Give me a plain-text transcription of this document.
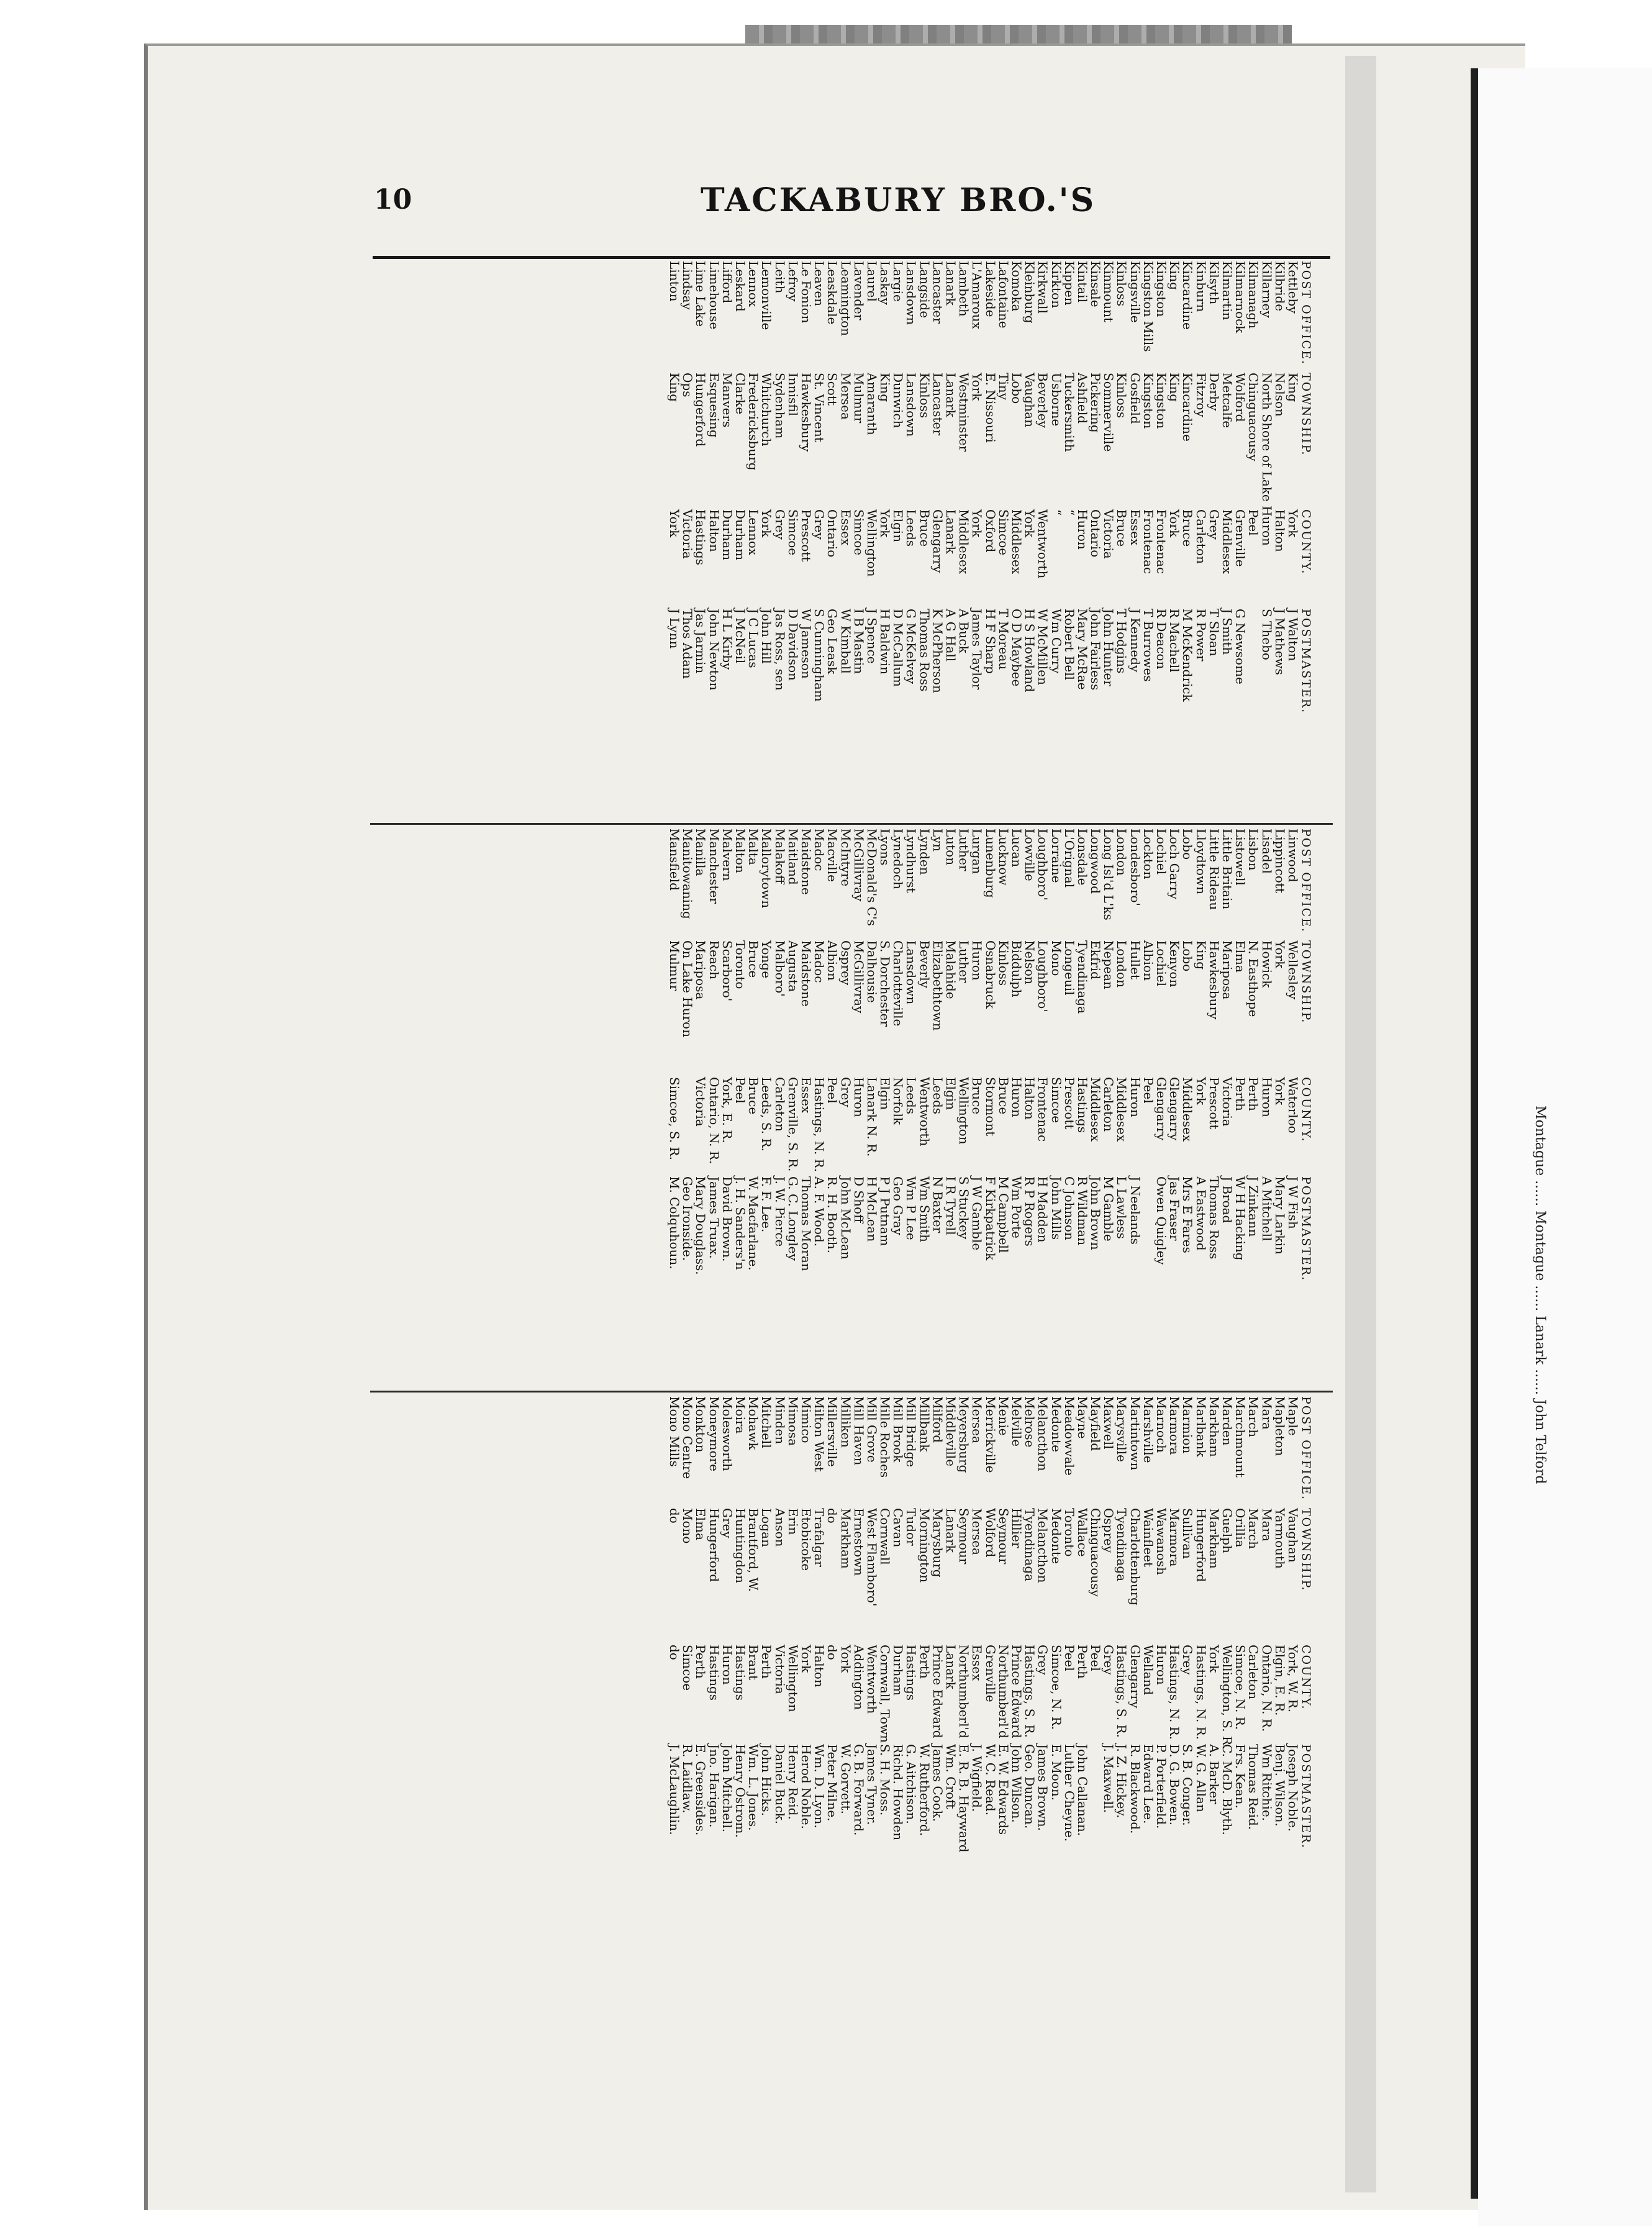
10	TACKABURY BRO.'S
POST OFFICE.
TOWNSHIP.
COUNTY.
POSTMASTER.
Kettleby
King
York
J Walton
Kilbride
Nelson
Halton
J Mathews
Killarney
North Shore of Lake Huron
S Thebo
Kilmanagh
Chinguacousy
Peel
Kilmarnock
Wolford
Grenville
G Newsome
Kilmartin
Metcalfe
Middlesex
J Smith
Kilsyth
Derby
Grey
T Sloan
Kinburn
Fitzroy
Carleton
R Power
Kincardine
Kincardine
Bruce
M McKendrick
King
King
York
R Machell
Kingston
Kingston
Frontenac
R Deacon
Kingston Mills
Kingston
Frontenac
T Burrowes
Kingsville
Gosfield
Essex
J Kennedy
Kinloss
Kinloss
Bruce
T Hodgins
Kinmount
Sommerville
Victoria
John Hunter
Kinsale
Pickering
Ontario
John Fairless
Kintail
Ashfield
Huron
Mary McRae
Kippen
Tuckersmith
“
Robert Bell
Kirkton
Usborne
“
Wm Curry
Kirkwall
Beverley
Wentworth
W McMillen
Kleinburg
Vaughan
York
H S Howland
Komoka
Lobo
Middlesex
O D Maybee
Lafontaine
Tiny
Simcoe
T Moreau
Lakeside
E. Nissouri
Oxford
H F Sharp
L'Amaroux
York
York
James Taylor
Lambeth
Westminster
Middlesex
A Buck
Lanark
Lanark
Lanark
A G Hall
Lancaster
Lancaster
Glengarry
K McPherson
Langside
Kinloss
Bruce
Thomas Ross
Lansdown
Lansdown
Leeds
G McKelvey
Largie
Dunwich
Elgin
D McCallum
Laskay
King
York
H Baldwin
Laurel
Amaranth
Wellington
J Spence
Lavender
Mulmur
Simcoe
I B Mastin
Leamington
Mersea
Essex
W Kimball
Leaskdale
Scott
Ontario
Geo Leask
Leaven
St. Vincent
Grey
S Cunningham
Le Fonion
Hawkesbury
Prescott
W Jameson
Lefroy
Innisfil
Simcoe
D Davidson
Leith
Sydenham
Grey
Jas Ross, sen
Lemonville
Whitchurch
York
John Hill
Lennox
Fredericksburg
Lennox
J C Lucas
Leskard
Clarke
Durham
J McNeil
Lifford
Manvers
Durham
H L Kirby
Limehouse
Esquesing
Halton
John Newton
Lime Lake
Hungerford
Hastings
Jas Jarmin
Lindsay
Ops
Victoria
Thos Adam
Linton
King
York
J Lynn
POST OFFICE.
TOWNSHIP.
COUNTY.
POSTMASTER.
Linwood
Wellesley
Waterloo
J W Fish
Lippincott
York
York
Mary Larkin
Lisadel
Howick
Huron
A Mitchell
Lisbon
N. Easthope
Perth
J Zinkann
Listowell
Elma
Perth
W H Hacking
Little Britain
Mariposa
Victoria
J Broad
Little Rideau
Hawkesbury
Prescott
Thomas Ross
Lloydtown
King
York
A Eastwood
Lobo
Lobo
Middlesex
Mrs E Fares
Loch Garry
Kenyon
Glengarry
Jas Fraser
Lochiel
Lochiel
Glengarry
Owen Quigley
Lockton
Albion
Peel
Londesboro'
Hullet
Huron
J Neelands
London
London
Middlesex
L Lawless
Long Isl'd L'ks
Nepean
Carleton
M Gamble
Longwood
Ekfrid
Middlesex
John Brown
Lonsdale
Tyendinaga
Hastings
R Wildman
L'Orignal
Longeuil
Prescott
C Johnson
Lorraine
Mono
Simcoe
John Mills
Loughboro'
Loughboro'
Frontenac
H Madden
Lowville
Nelson
Halton
R P Rogers
Lucan
Biddulph
Huron
Wm Porte
Lucknow
Kinloss
Bruce
M Campbell
Lunenburg
Osnabruck
Stormont
F Kirkpatrick
Lurgan
Huron
Bruce
J W Gamble
Luther
Luther
Wellington
S Stuckey
Luton
Malahide
Elgin
I R Tyrell
Lyn
Elizabethtown
Leeds
N Baxter
Lynden
Beverly
Wentworth
Wm Smith
Lyndhurst
Lansdown
Leeds
Wm P Lee
Lynedoch
Charlotteville
Norfolk
Geo Gray
Lyons
S. Dorchester
Elgin
P J Putnam
McDonald's C's
Dalhousie
Lanark N. R.
H McLean
McGillivray
McGillivray
Huron
D Shoff
McIntyre
Osprey
Grey
John McLean
Macville
Albion
Peel
R. H. Booth.
Madoc
Madoc
Hastings, N. R.
A. F. Wood.
Maidstone
Maidstone
Essex
Thomas Moran
Maitland
Augusta
Grenville, S. R.
G. C. Longley
Malakoff
Malboro'
Carleton
J. W. Pierce
Mallorytown
Yonge
Leeds, S. R.
F. F. Lee.
Malta
Bruce
Bruce
W. Macfarlane.
Malton
Toronto
Peel
J. H. Sanders'n
Malvern
Scarboro'
York, E. R.
David Brown.
Manchester
Reach
Ontario, N. R.
James Truax.
Manilla
Mariposa
Victoria
Mary Douglass.
Manitowaning
On Lake Huron
Geo Ironside.
Mansfield
Mulmur
Simcoe, S. R.
M. Colquhoun.
POST OFFICE.
TOWNSHIP.
COUNTY.
POSTMASTER.
Maple
Vaughan
York, W. R.
Joseph Noble.
Mapleton
Yarmouth
Elgin, E. R.
Benj. Wilson.
Mara
Mara
Ontario, N. R.
Wm Ritchie.
March
March
Carleton
Thomas Reid.
Marchmount
Orillia
Simcoe, N. R.
Frs. Kean.
Marden
Guelph
Wellington, S. R.
C. McD. Blyth.
Markham
Markham
York
A. Barker
Marlbank
Hungerford
Hastings, N. R.
W. G. Allan
Marmion
Sullivan
Grey
S. B. Conger.
Marmora
Marmora
Hastings, N. R.
D. G. Bowen.
Marnoch
Wawanosh
Huron
P. Porterfield.
Marshville
Wainfleet
Welland
Edward Lee.
Martintown
Charlottenburg
Glengarry
R. Blackwood.
Marysville
Tyendinaga
Hastings, S. R.
J. Z. Hickey.
Maxwell
Osprey
Grey
J. Maxwell.
Mayfield
Chinguacousy
Peel
Mayne
Wallace
Perth
John Callanan.
Meadowvale
Toronto
Peel
Luther Cheyne.
Medonte
Medonte
Simcoe, N. R.
E. Moon.
Melancthon
Melancthon
Grey
James Brown.
Melrose
Tyendinaga
Hastings, S. R.
Geo. Duncan.
Melville
Hillier
Prince Edward
John Wilson.
Menie
Seymour
Northumberl'd
E. W. Edwards
Merrickville
Wolford
Grenville
W. C. Read.
Mersea
Mersea
Essex
J. Wigfield.
Meyersburg
Seymour
Northumberl'd
E. R. B. Hayward
Middleville
Lanark
Lanark
Wm. Croft
Milford
Marysburg
Prince Edward
James Cook.
Millbank
Mornington
Perth
W. Rutherford.
Mill Bridge
Tudor
Hastings
G. Aitchison.
Mill Brook
Cavan
Durham
Richd. Howden
Mille Roches
Cornwall
Cornwall, Town
S. H. Moss.
Mill Grove
West Flamboro'
Wentworth
James Tyner.
Mill Haven
Ernestown
Addington
G. B. Forward.
Milliken
Markham
York
W. Gorvett.
Millersville
do
do
Peter Milne.
Milton West
Trafalgar
Halton
Wm. D. Lyon.
Mimico
Etobicoke
York
Herod Noble.
Mimosa
Erin
Wellington
Henry Reid.
Minden
Anson
Victoria
Daniel Buck.
Mitchell
Logan
Perth
John Hicks.
Mohawk
Brantford, W.
Brant
Wm. L. Jones.
Moira
Huntingdon
Hastings
Henry Ostrom.
Molesworth
Grey
Huron
John Mitchell.
Moneymore
Hungerford
Hastings
Jno. Harigan.
Monkton
Elma
Perth
E. Greensides.
Mono Centre
Mono
Simcoe
R. Laidlaw.
Mono Mills
do
do
J. McLaughlin.
Montague ...... Montague ...... Lanark ...... John Telford
